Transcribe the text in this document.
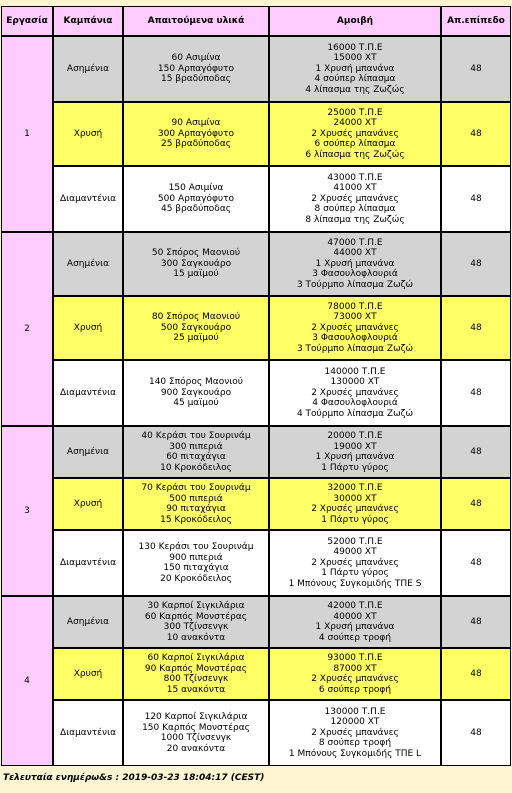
Εργασία	Καμπάνια	Απαιτούμενα υλικά	Αμοιβή	Απ.επίπεδο
1	Ασημένια	60 Ασιμίνα
150 Αρπαγόφυτο
15 βραδύποδας	16000 Τ.Π.Ε
15000 ΧΤ
1 Χρυσή μπανάνα
4 σούπερ λίπασμα
4 λίπασμα της Ζωζώς	48
	Χρυσή	90 Ασιμίνα
300 Αρπαγόφυτο
25 βραδύποδας	25000 Τ.Π.Ε
24000 ΧΤ
2 Χρυσές μπανάνες
6 σούπερ λίπασμα
6 λίπασμα της Ζωζώς	48
	Διαμαντένια	150 Ασιμίνα
500 Αρπαγόφυτο
45 βραδύποδας	43000 Τ.Π.Ε
41000 ΧΤ
2 Χρυσές μπανάνες
8 σούπερ λίπασμα
8 λίπασμα της Ζωζώς	48
2	Ασημένια	50 Σπόρος Μαονιού
300 Σαγκουάρο
15 μαϊμού	47000 Τ.Π.Ε
44000 ΧΤ
1 Χρυσή μπανάνα
3 Φασουλοφλουριά
3 Τούρμπο λίπασμα Ζωζώ	48
	Χρυσή	80 Σπόρος Μαονιού
500 Σαγκουάρο
25 μαϊμού	78000 Τ.Π.Ε
73000 ΧΤ
2 Χρυσές μπανάνες
3 Φασουλοφλουριά
3 Τούρμπο λίπασμα Ζωζώ	48
	Διαμαντένια	140 Σπόρος Μαονιού
900 Σαγκουάρο
45 μαϊμού	140000 Τ.Π.Ε
130000 ΧΤ
2 Χρυσές μπανάνες
4 Φασουλοφλουριά
4 Τούρμπο λίπασμα Ζωζώ	48
3	Ασημένια	40 Κεράσι του Σουρινάμ
300 πιπεριά
60 πιταχάγια
10 Κροκόδειλος	20000 Τ.Π.Ε
19000 ΧΤ
1 Χρυσή μπανάνα
1 Πάρτυ γύρος	48
	Χρυσή	70 Κεράσι του Σουρινάμ
500 πιπεριά
90 πιταχάγια
15 Κροκόδειλος	32000 Τ.Π.Ε
30000 ΧΤ
2 Χρυσές μπανάνες
1 Πάρτυ γύρος	48
	Διαμαντένια	130 Κεράσι του Σουρινάμ
900 πιπεριά
150 πιταχάγια
20 Κροκόδειλος	52000 Τ.Π.Ε
49000 ΧΤ
2 Χρυσές μπανάνες
1 Πάρτυ γύρος
1 Μπόνους Συγκομιδής ΤΠΕ S	48
4	Ασημένια	30 Καρποί Σιγκιλάρια
60 Καρπός Μονστέρας
300 Τζίνσενγκ
10 ανακόντα	42000 Τ.Π.Ε
40000 ΧΤ
1 Χρυσή μπανάνα
4 σούπερ τροφή	48
	Χρυσή	60 Καρποί Σιγκιλάρια
90 Καρπός Μονστέρας
800 Τζίνσενγκ
15 ανακόντα	93000 Τ.Π.Ε
87000 ΧΤ
2 Χρυσές μπανάνες
6 σούπερ τροφή	48
	Διαμαντένια	120 Καρποί Σιγκιλάρια
150 Καρπός Μονστέρας
1000 Τζίνσενγκ
20 ανακόντα	130000 Τ.Π.Ε
120000 ΧΤ
2 Χρυσές μπανάνες
8 σούπερ τροφή
1 Μπόνους Συγκομιδής ΤΠΕ L	48
Τελευταία ενημέρω&s : 2019-03-23 18:04:17 (CEST)
